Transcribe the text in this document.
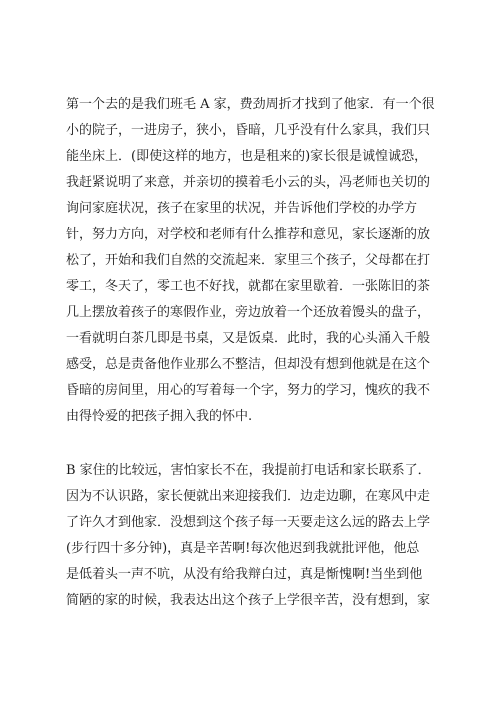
第一个去的是我们班毛 A 家，费劲周折才找到了他家．有一个很
小的院子，一进房子，狭小，昏暗，几乎没有什么家具，我们只
能坐床上．(即使这样的地方，也是租来的)家长很是诚惶诚恐，
我赶紧说明了来意，并亲切的摸着毛小云的头，冯老师也关切的
询问家庭状况，孩子在家里的状况，并告诉他们学校的办学方
针，努力方向，对学校和老师有什么推荐和意见，家长逐渐的放
松了，开始和我们自然的交流起来．家里三个孩子，父母都在打
零工，冬天了，零工也不好找，就都在家里歇着．一张陈旧的茶
几上摆放着孩子的寒假作业，旁边放着一个还放着馒头的盘子，
一看就明白茶几即是书桌，又是饭桌．此时，我的心头涌入千般
感受，总是责备他作业那么不整洁，但却没有想到他就是在这个
昏暗的房间里，用心的写着每一个字，努力的学习，愧疚的我不
由得怜爱的把孩子拥入我的怀中.
B 家住的比较远，害怕家长不在，我提前打电话和家长联系了．
因为不认识路，家长便就出来迎接我们．边走边聊，在寒风中走
了许久才到他家．没想到这个孩子每一天要走这么远的路去上学
(步行四十多分钟)，真是辛苦啊!每次他迟到我就批评他，他总
是低着头一声不吭，从没有给我辩白过，真是惭愧啊!当坐到他
简陋的家的时候，我表达出这个孩子上学很辛苦，没有想到，家
